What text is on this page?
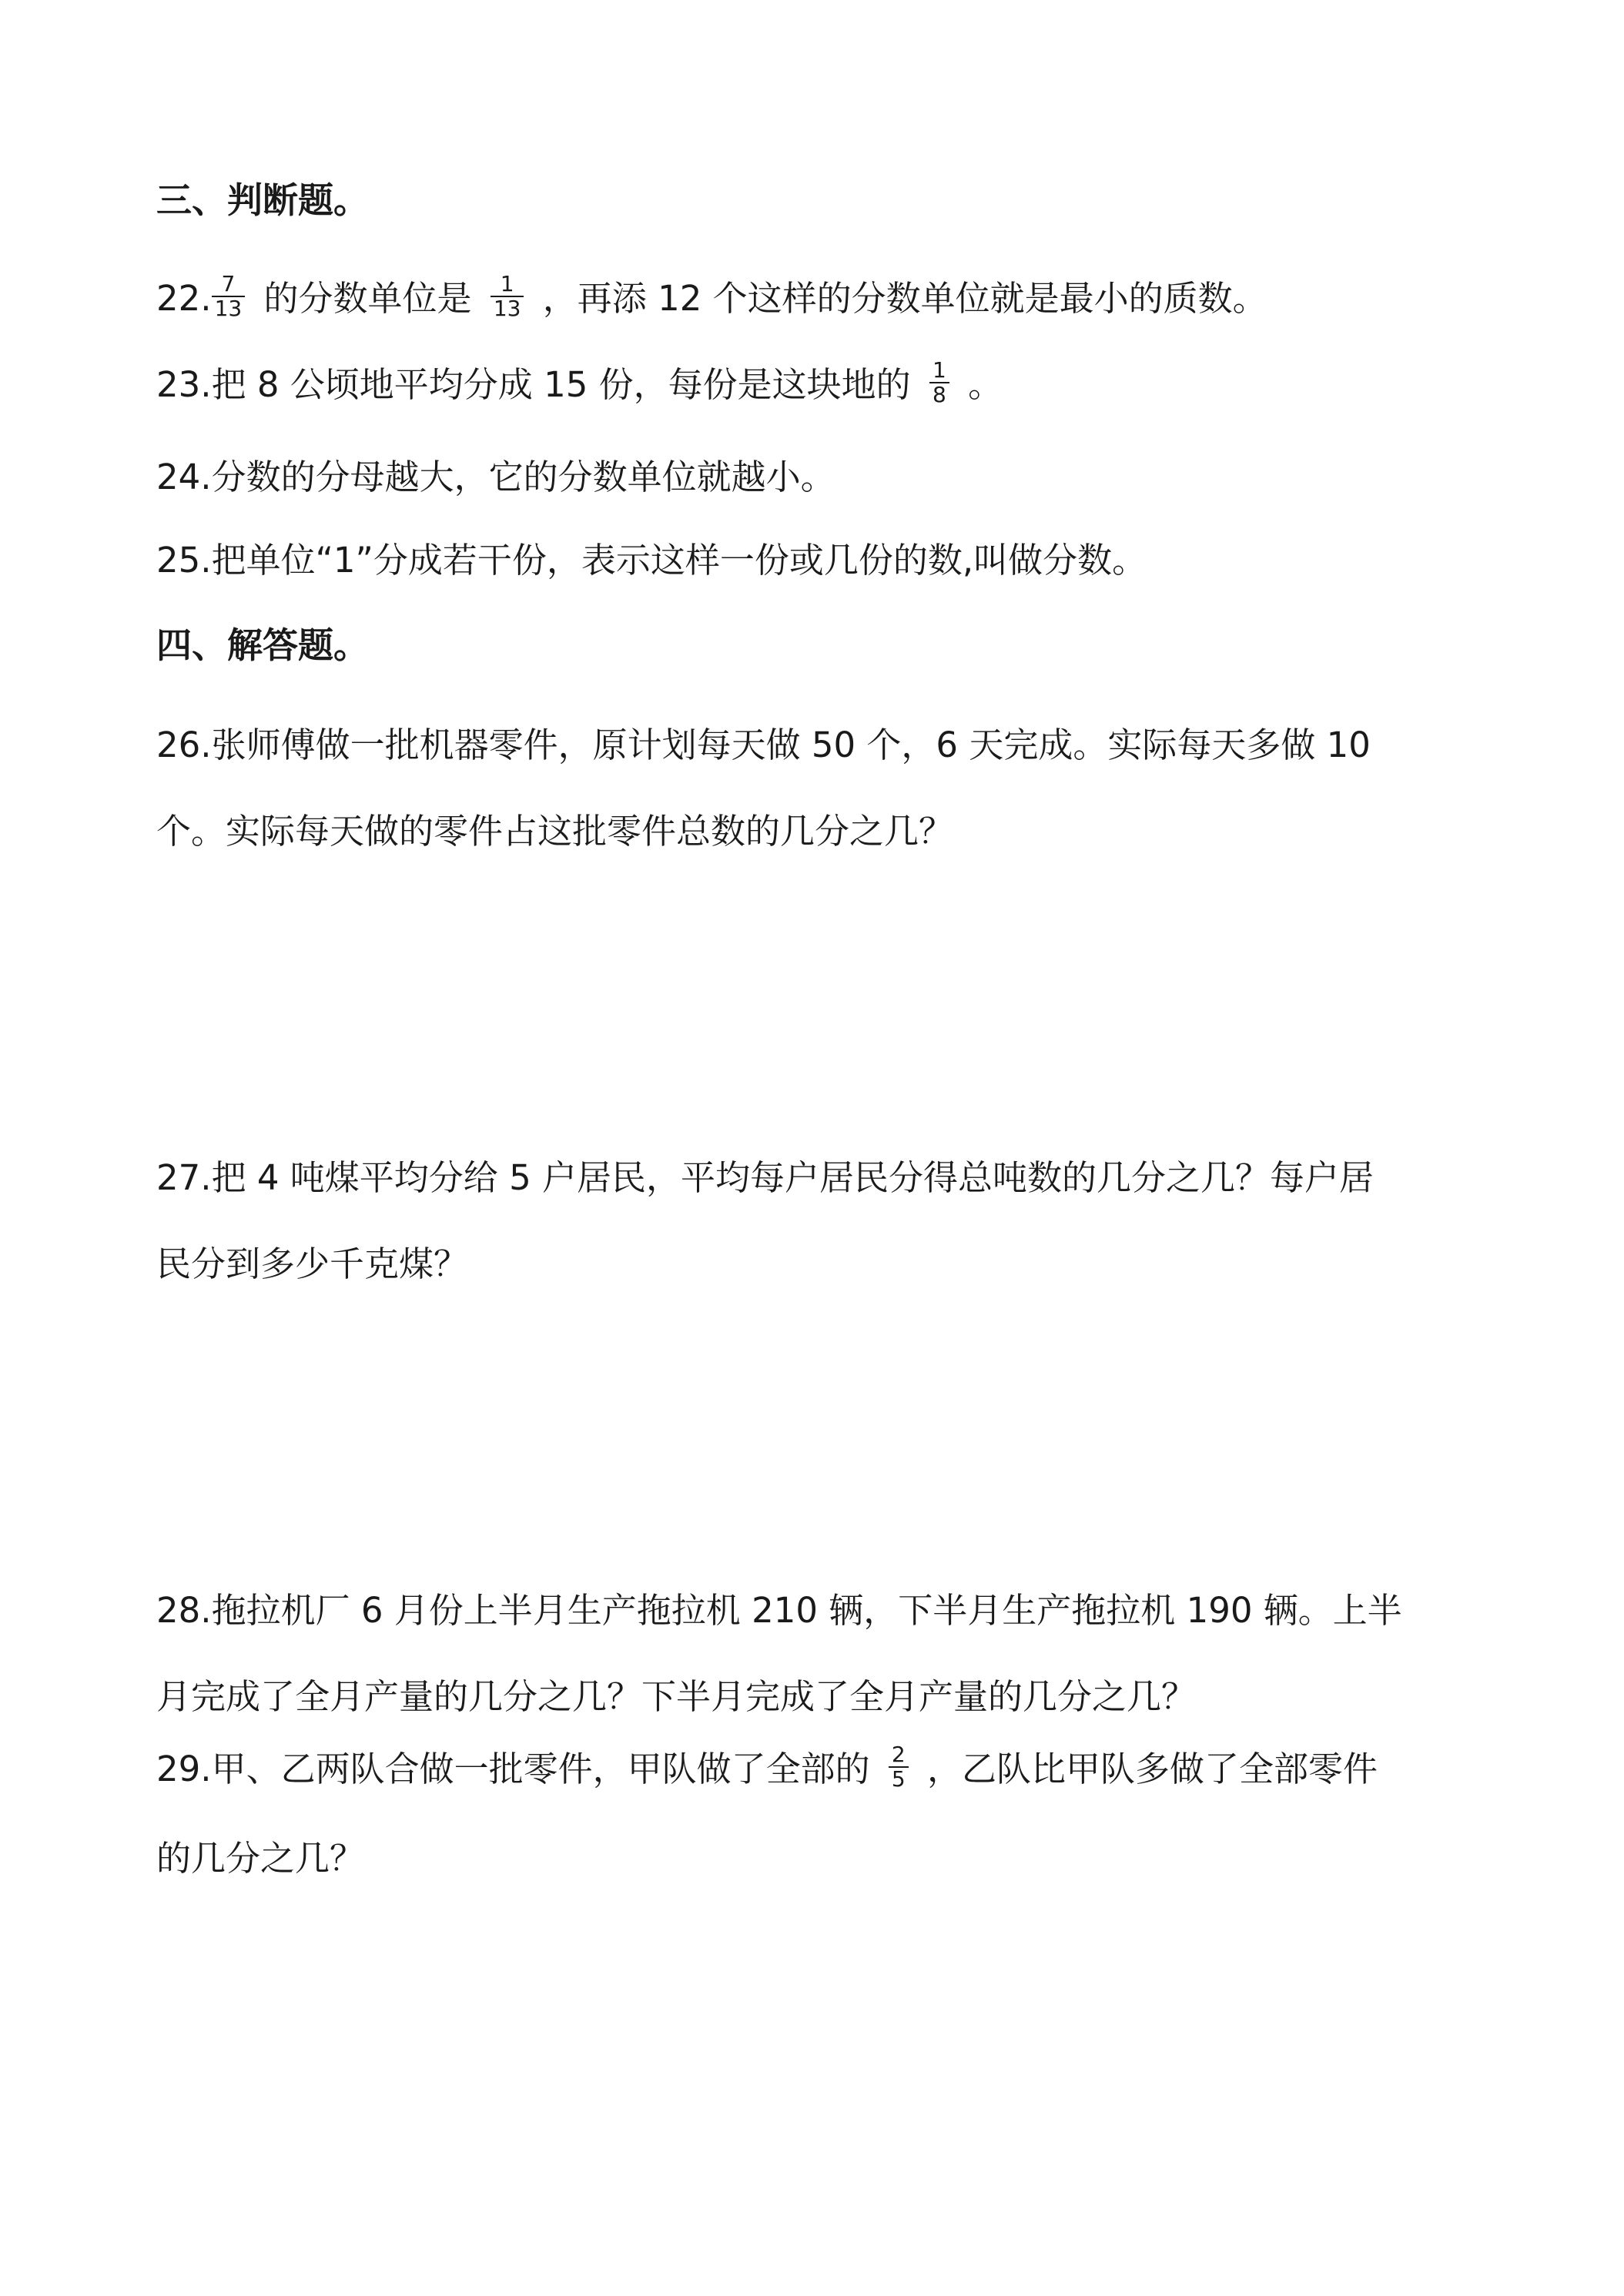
三、判断题。
22. $\frac{7}{13}$ 的分数单位是 $\frac{1}{13}$ ，再添 12 个这样的分数单位就是最小的质数。
23.把 8 公顷地平均分成 15 份，每份是这块地的 $\frac{1}{8}$ 。
24.分数的分母越大，它的分数单位就越小。
25.把单位“1”分成若干份，表示这样一份或几份的数,叫做分数。
四、解答题。
26.张师傅做一批机器零件，原计划每天做 50 个，6 天完成。实际每天多做 10
个。实际每天做的零件占这批零件总数的几分之几？
27.把 4 吨煤平均分给 5 户居民，平均每户居民分得总吨数的几分之几？每户居
民分到多少千克煤？
28.拖拉机厂 6 月份上半月生产拖拉机 210 辆，下半月生产拖拉机 190 辆。上半
月完成了全月产量的几分之几？下半月完成了全月产量的几分之几？
29.甲、乙两队合做一批零件，甲队做了全部的 $\frac{2}{5}$ ，乙队比甲队多做了全部零件
的几分之几？
